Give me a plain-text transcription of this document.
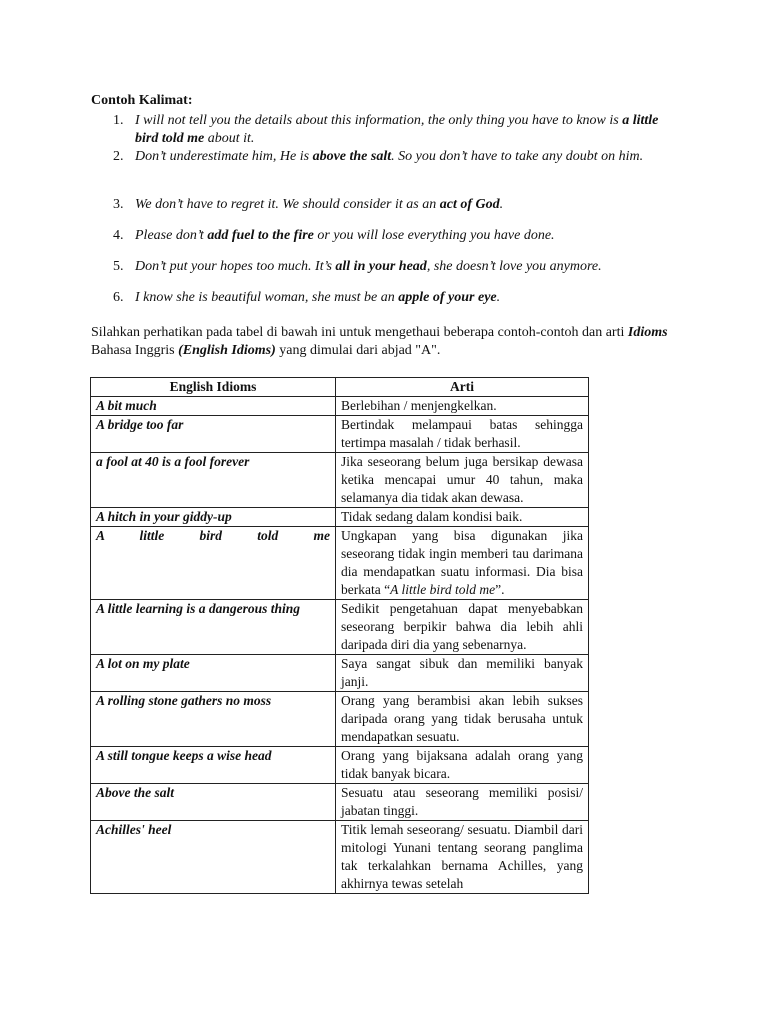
Contoh Kalimat:
1. I will not tell you the details about this information, the only thing you have to know is a little bird told me about it.
2. Don’t underestimate him, He is above the salt. So you don’t have to take any doubt on him.
3. We don’t have to regret it. We should consider it as an act of God.
4. Please don’t add fuel to the fire or you will lose everything you have done.
5. Don’t put your hopes too much. It’s all in your head, she doesn’t love you anymore.
6. I know she is beautiful woman, she must be an apple of your eye.
Silahkan perhatikan pada tabel di bawah ini untuk mengethaui beberapa contoh-contoh dan arti Idioms Bahasa Inggris (English Idioms) yang dimulai dari abjad "A".
English Idioms	Arti
A bit much	Berlebihan / menjengkelkan.
A bridge too far	Bertindak melampaui batas sehingga tertimpa masalah / tidak berhasil.
a fool at 40 is a fool forever	Jika seseorang belum juga bersikap dewasa ketika mencapai umur 40 tahun, maka selamanya dia tidak akan dewasa.
A hitch in your giddy-up	Tidak sedang dalam kondisi baik.
A little bird told me	Ungkapan yang bisa digunakan jika seseorang tidak ingin memberi tau darimana dia mendapatkan suatu informasi. Dia bisa berkata “A little bird told me”.
A little learning is a dangerous thing	Sedikit pengetahuan dapat menyebabkan seseorang berpikir bahwa dia lebih ahli daripada diri dia yang sebenarnya.
A lot on my plate	Saya sangat sibuk dan memiliki banyak janji.
A rolling stone gathers no moss	Orang yang berambisi akan lebih sukses daripada orang yang tidak berusaha untuk mendapatkan sesuatu.
A still tongue keeps a wise head	Orang yang bijaksana adalah orang yang tidak banyak bicara.
Above the salt	Sesuatu atau seseorang memiliki posisi/ jabatan tinggi.
Achilles' heel	Titik lemah seseorang/ sesuatu. Diambil dari mitologi Yunani tentang seorang panglima tak terkalahkan bernama Achilles, yang akhirnya tewas setelah
